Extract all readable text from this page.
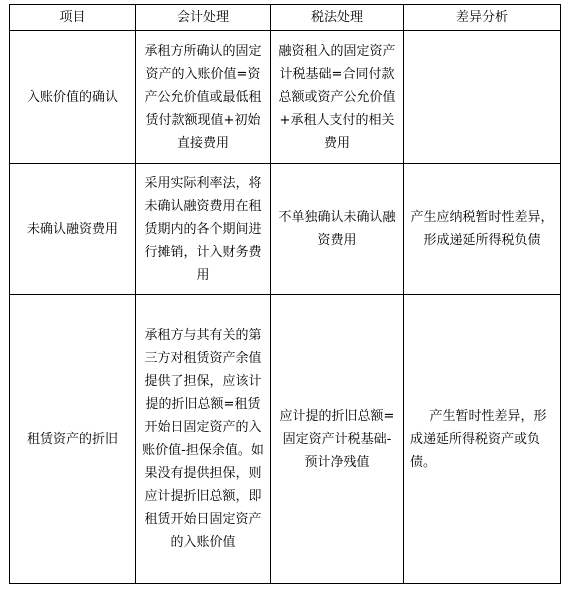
项目	会计处理	税法处理	差异分析
入账价值的确认	承租方所确认的固定资产的入账价值=资产公允价值或最低租赁付款额现值+初始直接费用	融资租入的固定资产计税基础=合同付款总额或资产公允价值+承租人支付的相关费用	
未确认融资费用	采用实际利率法，将未确认融资费用在租赁期内的各个期间进行摊销，计入财务费用	不单独确认未确认融资费用	产生应纳税暂时性差异，形成递延所得税负债
租赁资产的折旧	承租方与其有关的第三方对租赁资产余值提供了担保，应该计提的折旧总额=租赁开始日固定资产的入账价值-担保余值。如果没有提供担保，则应计提折旧总额，即租赁开始日固定资产的入账价值	应计提的折旧总额=固定资产计税基础-预计净残值	产生暂时性差异，形成递延所得税资产或负债。
